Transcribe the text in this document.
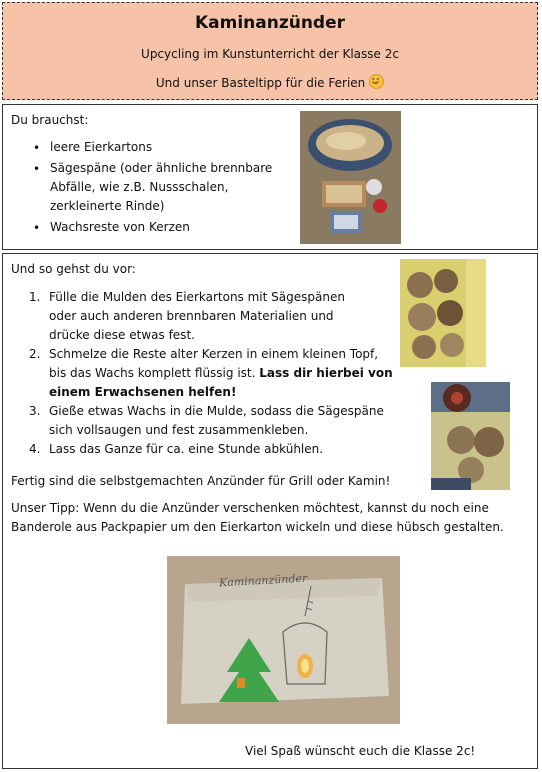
Kaminanzünder
Upcycling im Kunstunterricht der Klasse 2c
Und unser Basteltipp für die Ferien
Du brauchst:
• leere Eierkartons
• Sägespäne (oder ähnliche brennbare
Abfälle, wie z.B. Nussschalen,
zerkleinerte Rinde)
• Wachsreste von Kerzen
Und so gehst du vor:
1. Fülle die Mulden des Eierkartons mit Sägespänen
oder auch anderen brennbaren Materialien und
drücke diese etwas fest.
2. Schmelze die Reste alter Kerzen in einem kleinen Topf,
bis das Wachs komplett flüssig ist. Lass dir hierbei von
einem Erwachsenen helfen!
3. Gieße etwas Wachs in die Mulde, sodass die Sägespäne
sich vollsaugen und fest zusammenkleben.
4. Lass das Ganze für ca. eine Stunde abkühlen.
Fertig sind die selbstgemachten Anzünder für Grill oder Kamin!
Unser Tipp: Wenn du die Anzünder verschenken möchtest, kannst du noch eine
Banderole aus Packpapier um den Eierkarton wickeln und diese hübsch gestalten.
Kaminanzünder
Viel Spaß wünscht euch die Klasse 2c!
